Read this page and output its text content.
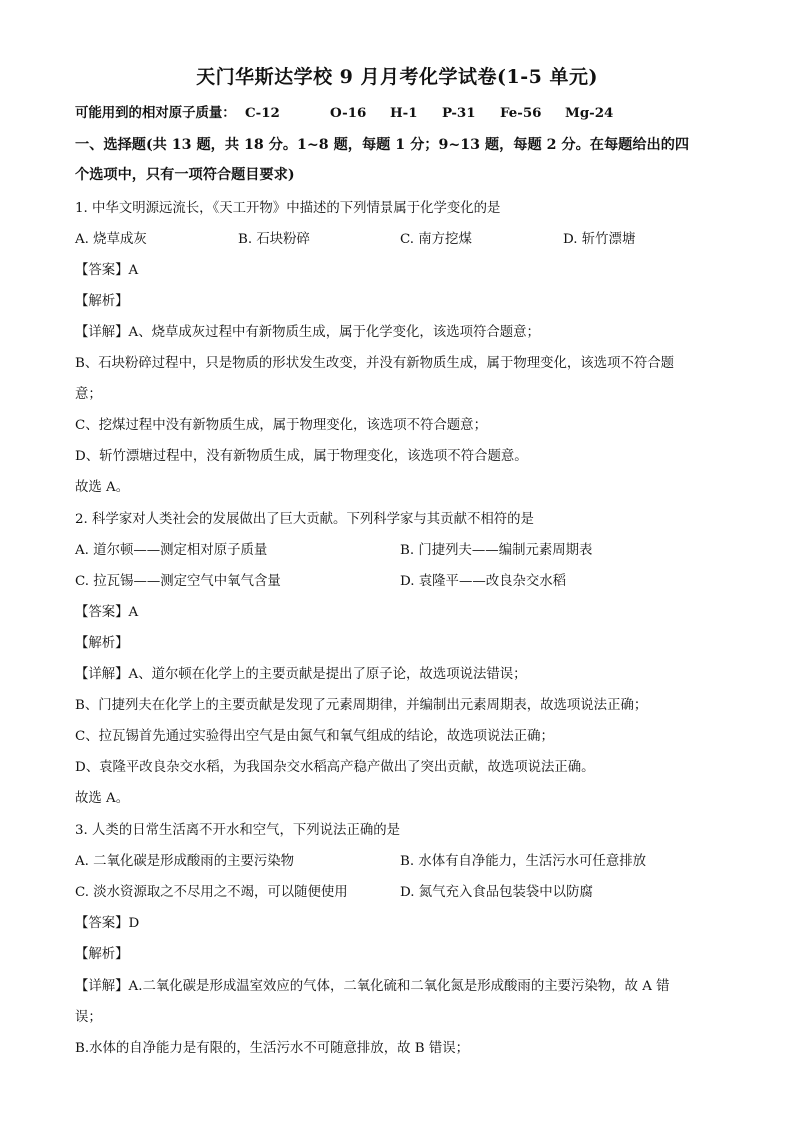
天门华斯达学校 9 月月考化学试卷(1-5 单元)
可能用到的相对原子质量： C-12	O-16 H-1 P-31 Fe-56 Mg-24
一、选择题(共 13 题，共 18 分。1~8 题，每题 1 分；9~13 题，每题 2 分。在每题给出的四
个选项中，只有一项符合题目要求)
1. 中华文明源远流长，《天工开物》中描述的下列情景属于化学变化的是
A. 烧草成灰	B. 石块粉碎	C. 南方挖煤	D. 斩竹漂塘
【答案】A
【解析】
【详解】A、烧草成灰过程中有新物质生成，属于化学变化，该选项符合题意；
B、石块粉碎过程中，只是物质的形状发生改变，并没有新物质生成，属于物理变化，该选项不符合题
意；
C、挖煤过程中没有新物质生成，属于物理变化，该选项不符合题意；
D、斩竹漂塘过程中，没有新物质生成，属于物理变化，该选项不符合题意。
故选 A。
2. 科学家对人类社会的发展做出了巨大贡献。下列科学家与其贡献不相符的是
A. 道尔顿——测定相对原子质量	B. 门捷列夫——编制元素周期表
C. 拉瓦锡——测定空气中氧气含量	D. 袁隆平——改良杂交水稻
【答案】A
【解析】
【详解】A、道尔顿在化学上的主要贡献是提出了原子论，故选项说法错误；
B、门捷列夫在化学上的主要贡献是发现了元素周期律，并编制出元素周期表，故选项说法正确；
C、拉瓦锡首先通过实验得出空气是由氮气和氧气组成的结论，故选项说法正确；
D、袁隆平改良杂交水稻，为我国杂交水稻高产稳产做出了突出贡献，故选项说法正确。
故选 A。
3. 人类的日常生活离不开水和空气，下列说法正确的是
A. 二氧化碳是形成酸雨的主要污染物	B. 水体有自净能力，生活污水可任意排放
C. 淡水资源取之不尽用之不竭，可以随便使用	D. 氮气充入食品包装袋中以防腐
【答案】D
【解析】
【详解】A.二氧化碳是形成温室效应的气体，二氧化硫和二氧化氮是形成酸雨的主要污染物，故 A 错
误；
B.水体的自净能力是有限的，生活污水不可随意排放，故 B 错误；
